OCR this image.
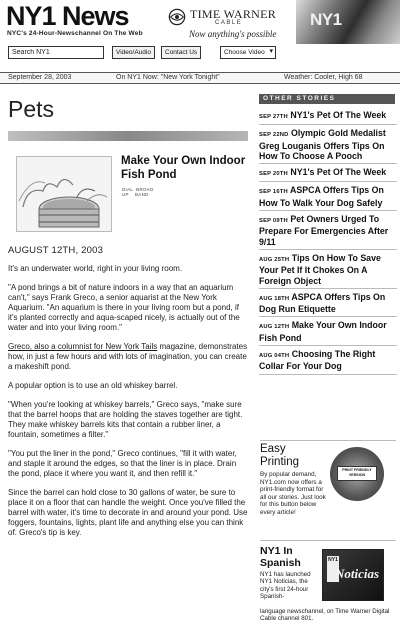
NY1 News
NYC's 24-Hour-Newschannel On The Web
TIME WARNER
CABLE
Now anything's possible
NY1
Search NY1
Video/Audio	Contact Us	Choose Video ▾
September 28, 2003	On NY1 Now: "New York Tonight"	Weather: Cooler, High 68
Pets
Make Your Own Indoor Fish Pond
DIAL  BROAD
UP    BAND
AUGUST 12TH, 2003

It's an underwater world, right in your living room.

"A pond brings a bit of nature indoors in a way that an aquarium can't," says Frank Greco, a senior aquarist at the New York Aquarium. "An aquarium is there in your living room but a pond, if it's planted correctly and aqua-scaped nicely, is actually out of the water and into your living room."

Greco, also a columnist for New York Tails magazine, demonstrates how, in just a few hours and with lots of imagination, you can create a makeshift pond.

A popular option is to use an old whiskey barrel.

"When you're looking at whiskey barrels," Greco says, "make sure that the barrel hoops that are holding the staves together are tight. They make whiskey barrels kits that contain a rubber liner, a fountain, sometimes a filter."

"You put the liner in the pond," Greco continues, "fill it with water, and staple it around the edges, so that the liner is in place. Drain the pond, place it where you want it, and then refill it."

Since the barrel can hold close to 30 gallons of water, be sure to place it on a floor that can handle the weight. Once you've filled the barrel with water, it's time to decorate in and around your pond. Use foggers, fountains, lights, plant life and anything else you can think of. Greco's tip is key.

OTHER STORIES
SEP 27TH NY1's Pet Of The Week
SEP 22ND Olympic Gold Medalist Greg Louganis Offers Tips On How To Choose A Pooch
SEP 20TH NY1's Pet Of The Week
SEP 16TH ASPCA Offers Tips On How To Walk Your Dog Safely
SEP 09TH Pet Owners Urged To Prepare For Emergencies After 9/11
AUG 25TH Tips On How To Save Your Pet If It Chokes On A Foreign Object
AUG 18TH ASPCA Offers Tips On Dog Run Etiquette
AUG 12TH Make Your Own Indoor Fish Pond
AUG 04TH Choosing The Right Collar For Your Dog
Easy Printing
By popular demand, NY1.com now offers a print-friendly format for all our stories. Just look for this button below every article!
PRINT FRIENDLY VERSION
NY1 In Spanish
NY1 has launched NY1 Noticias, the city's first 24-hour Spanish-
language newschannel, on Time Warner Digital Cable channel 801.
NY1
Noticias
